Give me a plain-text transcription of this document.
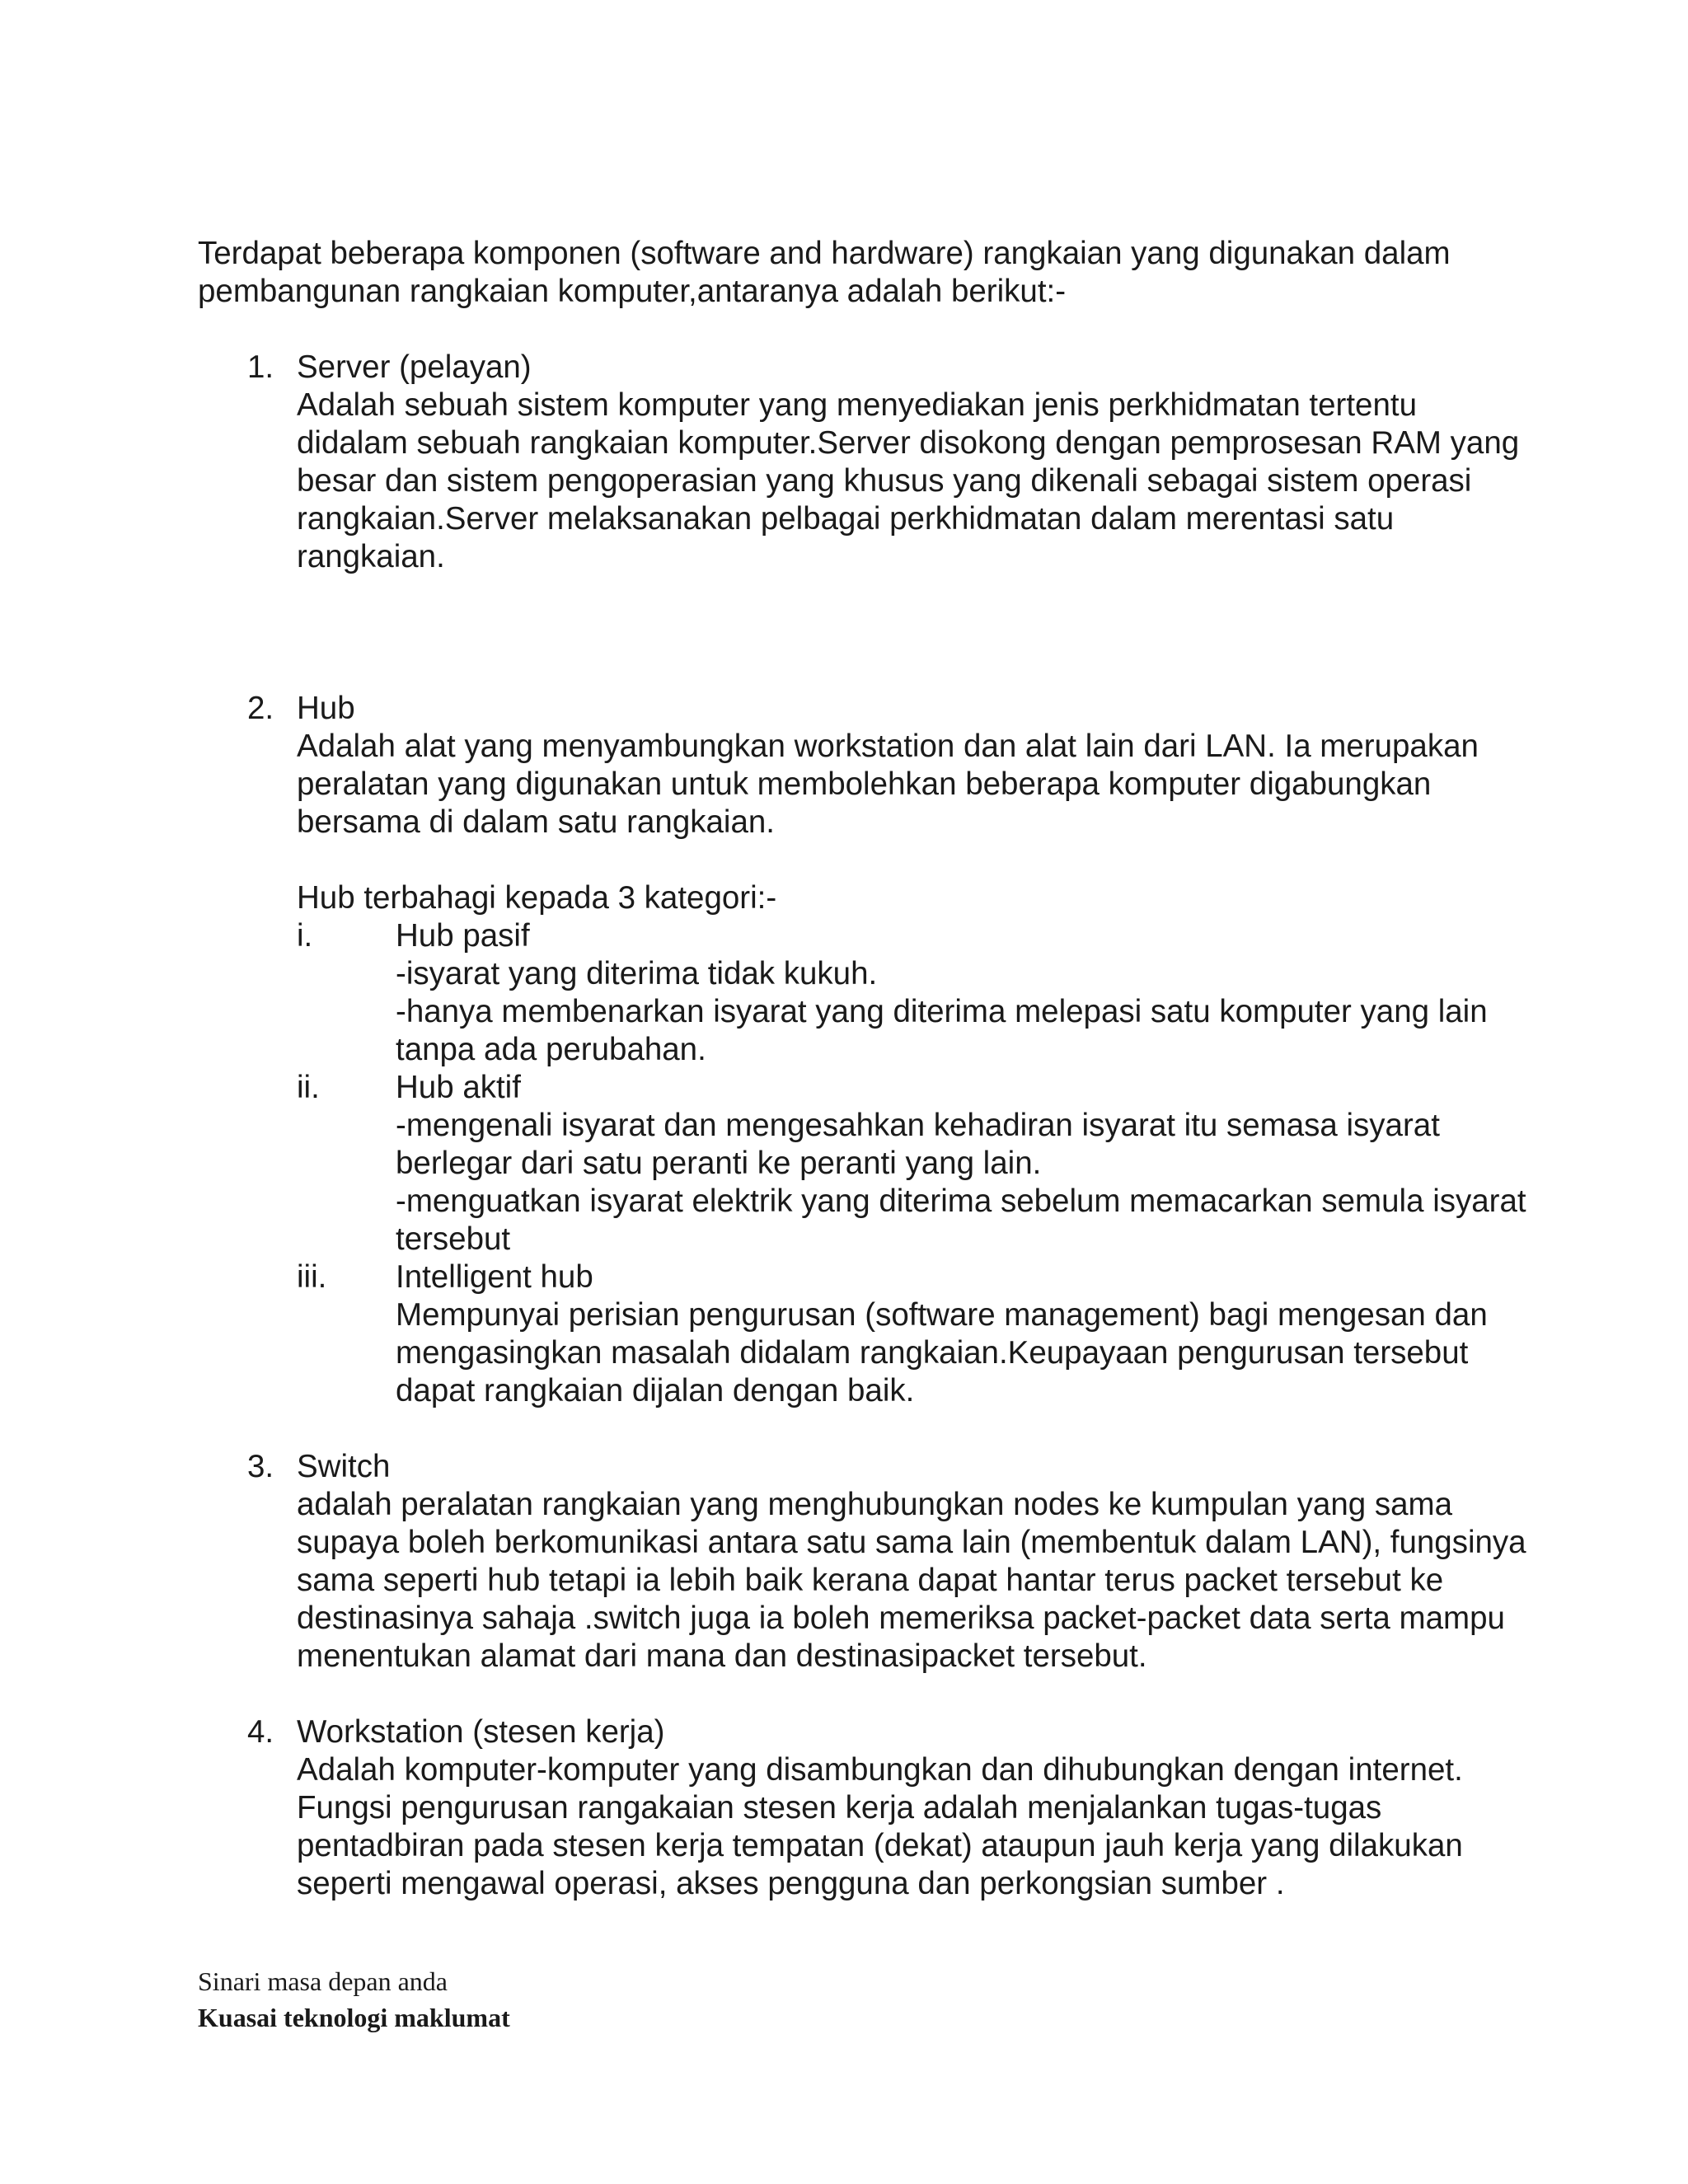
Terdapat beberapa komponen (software and hardware) rangkaian yang digunakan dalam pembangunan rangkaian komputer,antaranya adalah berikut:-

1. Server (pelayan)

Adalah sebuah sistem komputer yang menyediakan jenis perkhidmatan tertentu didalam sebuah rangkaian komputer.Server disokong dengan pemprosesan RAM yang besar dan sistem pengoperasian yang khusus yang dikenali sebagai sistem operasi rangkaian.Server melaksanakan pelbagai perkhidmatan dalam merentasi satu rangkaian.

2. Hub

Adalah alat yang menyambungkan workstation dan alat lain dari LAN. Ia merupakan peralatan yang digunakan untuk membolehkan beberapa komputer digabungkan bersama di dalam satu rangkaian.

Hub terbahagi kepada 3 kategori:-

i.	Hub pasif

-isyarat yang diterima tidak kukuh.

-hanya membenarkan isyarat yang diterima melepasi satu komputer yang lain tanpa ada perubahan.

ii. Hub aktif

-mengenali isyarat dan mengesahkan kehadiran isyarat itu semasa isyarat berlegar dari satu peranti ke peranti yang lain.

-menguatkan isyarat elektrik yang diterima sebelum memacarkan semula isyarat tersebut

iii. Intelligent hub

Mempunyai perisian pengurusan (software management) bagi mengesan dan mengasingkan masalah didalam rangkaian.Keupayaan pengurusan tersebut dapat rangkaian dijalan dengan baik.

3. Switch

adalah peralatan rangkaian yang menghubungkan nodes ke kumpulan yang sama supaya boleh berkomunikasi antara satu sama lain (membentuk dalam LAN), fungsinya sama seperti hub tetapi ia lebih baik kerana dapat hantar terus packet tersebut ke destinasinya sahaja .switch juga ia boleh memeriksa packet-packet data serta mampu menentukan alamat dari mana dan destinasipacket tersebut.

4. Workstation (stesen kerja)

Adalah komputer-komputer yang disambungkan dan dihubungkan dengan internet. Fungsi pengurusan rangakaian stesen kerja adalah menjalankan tugas-tugas pentadbiran pada stesen kerja tempatan (dekat) ataupun jauh kerja yang dilakukan seperti mengawal operasi, akses pengguna dan perkongsian sumber .

Sinari masa depan anda
Kuasai teknologi maklumat
